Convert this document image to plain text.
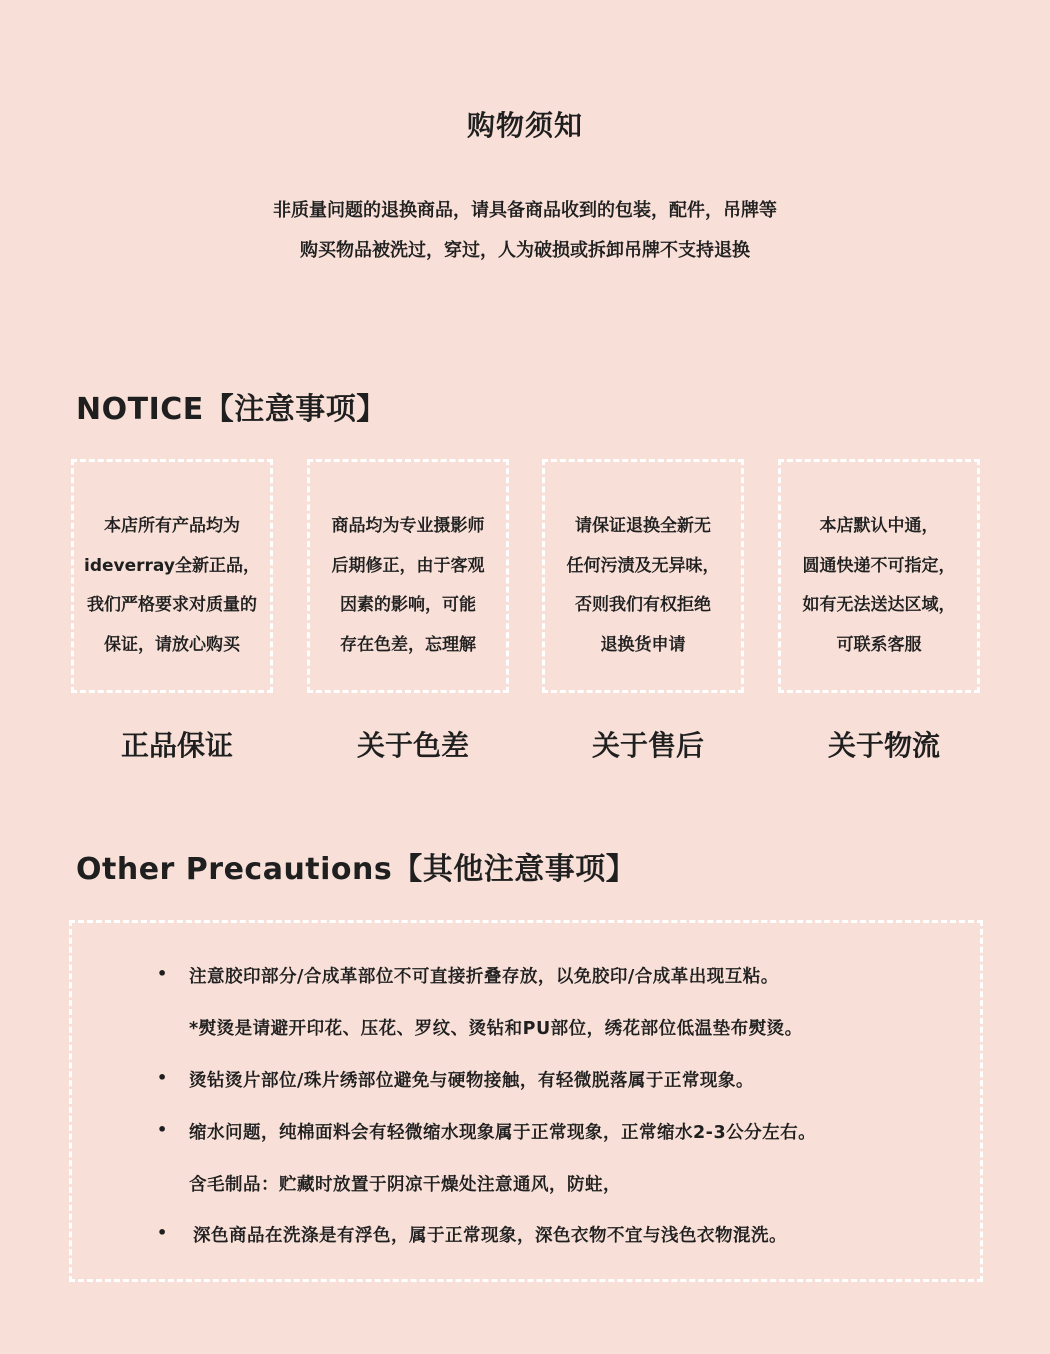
购物须知
非质量问题的退换商品，请具备商品收到的包装，配件，吊牌等
购买物品被洗过，穿过，人为破损或拆卸吊牌不支持退换
NOTICE【注意事项】
本店所有产品均为
ideverray全新正品，
我们严格要求对质量的
保证，请放心购买
商品均为专业摄影师
后期修正，由于客观
因素的影响，可能
存在色差，忘理解
请保证退换全新无
任何污渍及无异味，
否则我们有权拒绝
退换货申请
本店默认中通，
圆通快递不可指定，
如有无法送达区域，
可联系客服
正品保证	关于色差	关于售后	关于物流
Other Precautions【其他注意事项】
• 注意胶印部分/合成革部位不可直接折叠存放，以免胶印/合成革出现互粘。
*熨烫是请避开印花、压花、罗纹、烫钻和PU部位，绣花部位低温垫布熨烫。
• 烫钻烫片部位/珠片绣部位避免与硬物接触，有轻微脱落属于正常现象。
• 缩水问题，纯棉面料会有轻微缩水现象属于正常现象，正常缩水2-3公分左右。
含毛制品：贮藏时放置于阴凉干燥处注意通风，防蛀，
• 深色商品在洗涤是有浮色，属于正常现象，深色衣物不宜与浅色衣物混洗。
